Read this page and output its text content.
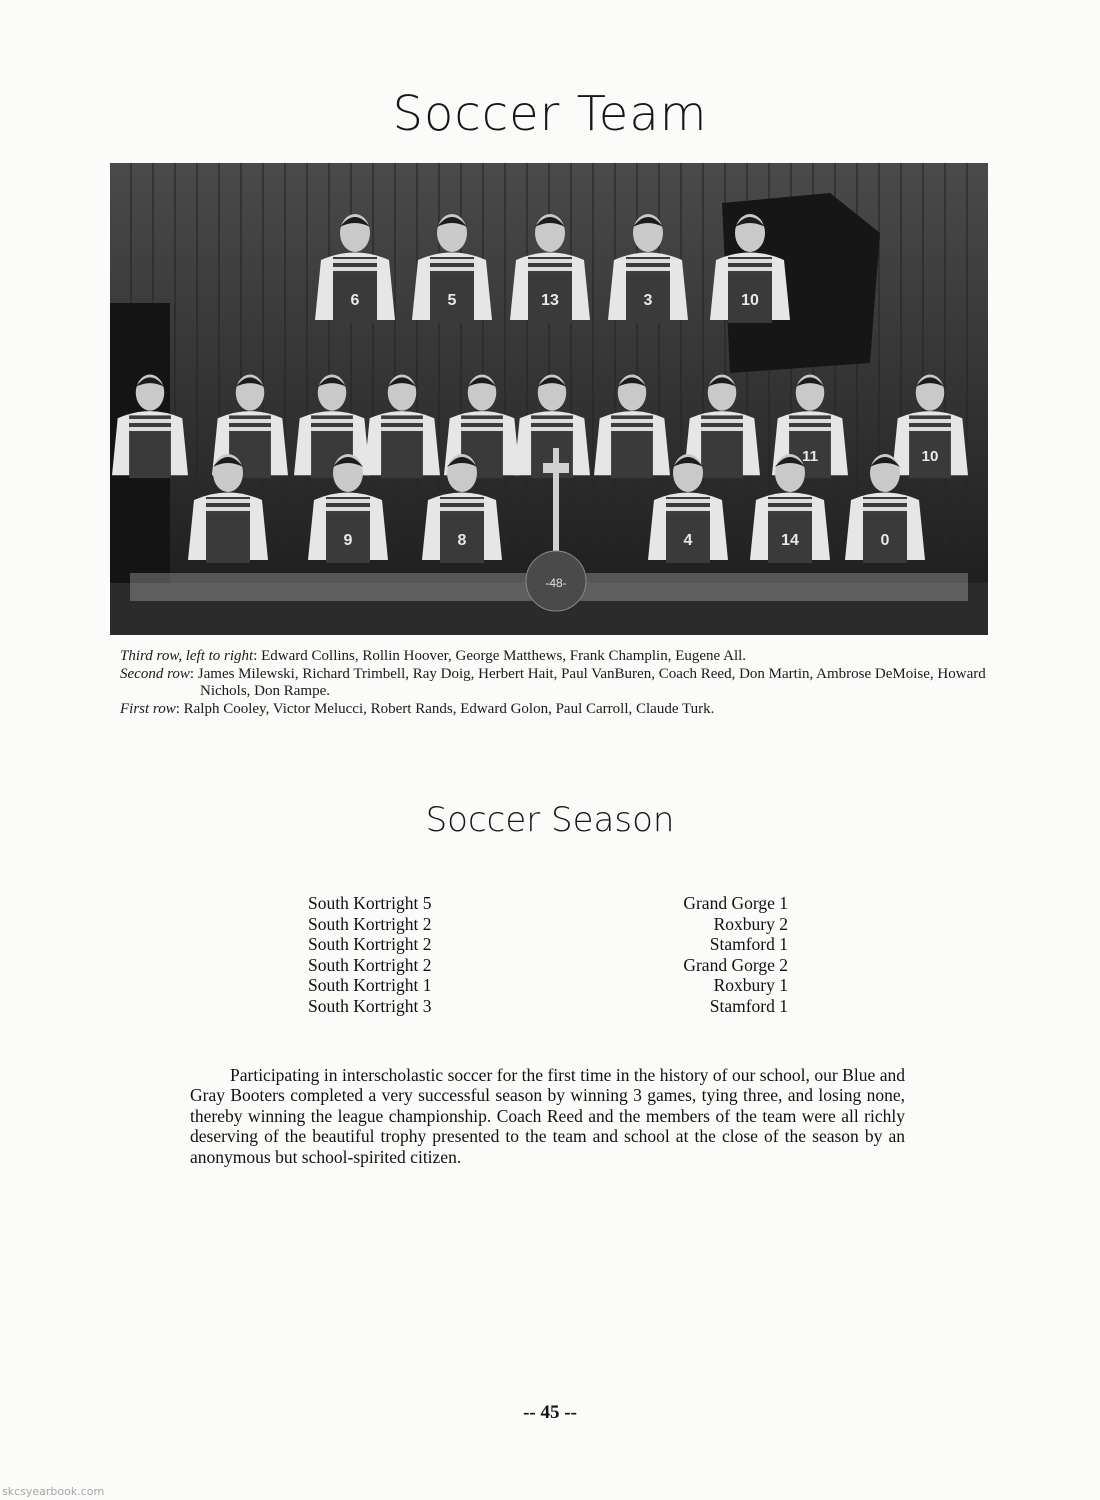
Soccer Team
6	5	13	3	10
11	10
9	8	4	14	0
-48-

Third row, left to right: Edward Collins, Rollin Hoover, George Matthews, Frank Champlin, Eugene All.

Second row: James Milewski, Richard Trimbell, Ray Doig, Herbert Hait, Paul VanBuren, Coach Reed, Don Martin, Ambrose DeMoise, Howard Nichols, Don Rampe.

First row: Ralph Cooley, Victor Melucci, Robert Rands, Edward Golon, Paul Carroll, Claude Turk.

Soccer Season
South Kortright 5	Grand Gorge 1
South Kortright 2	Roxbury 2
South Kortright 2	Stamford 1
South Kortright 2	Grand Gorge 2
South Kortright 1	Roxbury 1
South Kortright 3	Stamford 1

Participating in interscholastic soccer for the first time in the history of our school, our Blue and Gray Booters completed a very successful season by winning 3 games, tying three, and losing none, thereby winning the league championship. Coach Reed and the members of the team were all richly deserving of the beautiful trophy presented to the team and school at the close of the season by an anonymous but school-spirited citizen.

-- 45 --
skcsyearbook.com
